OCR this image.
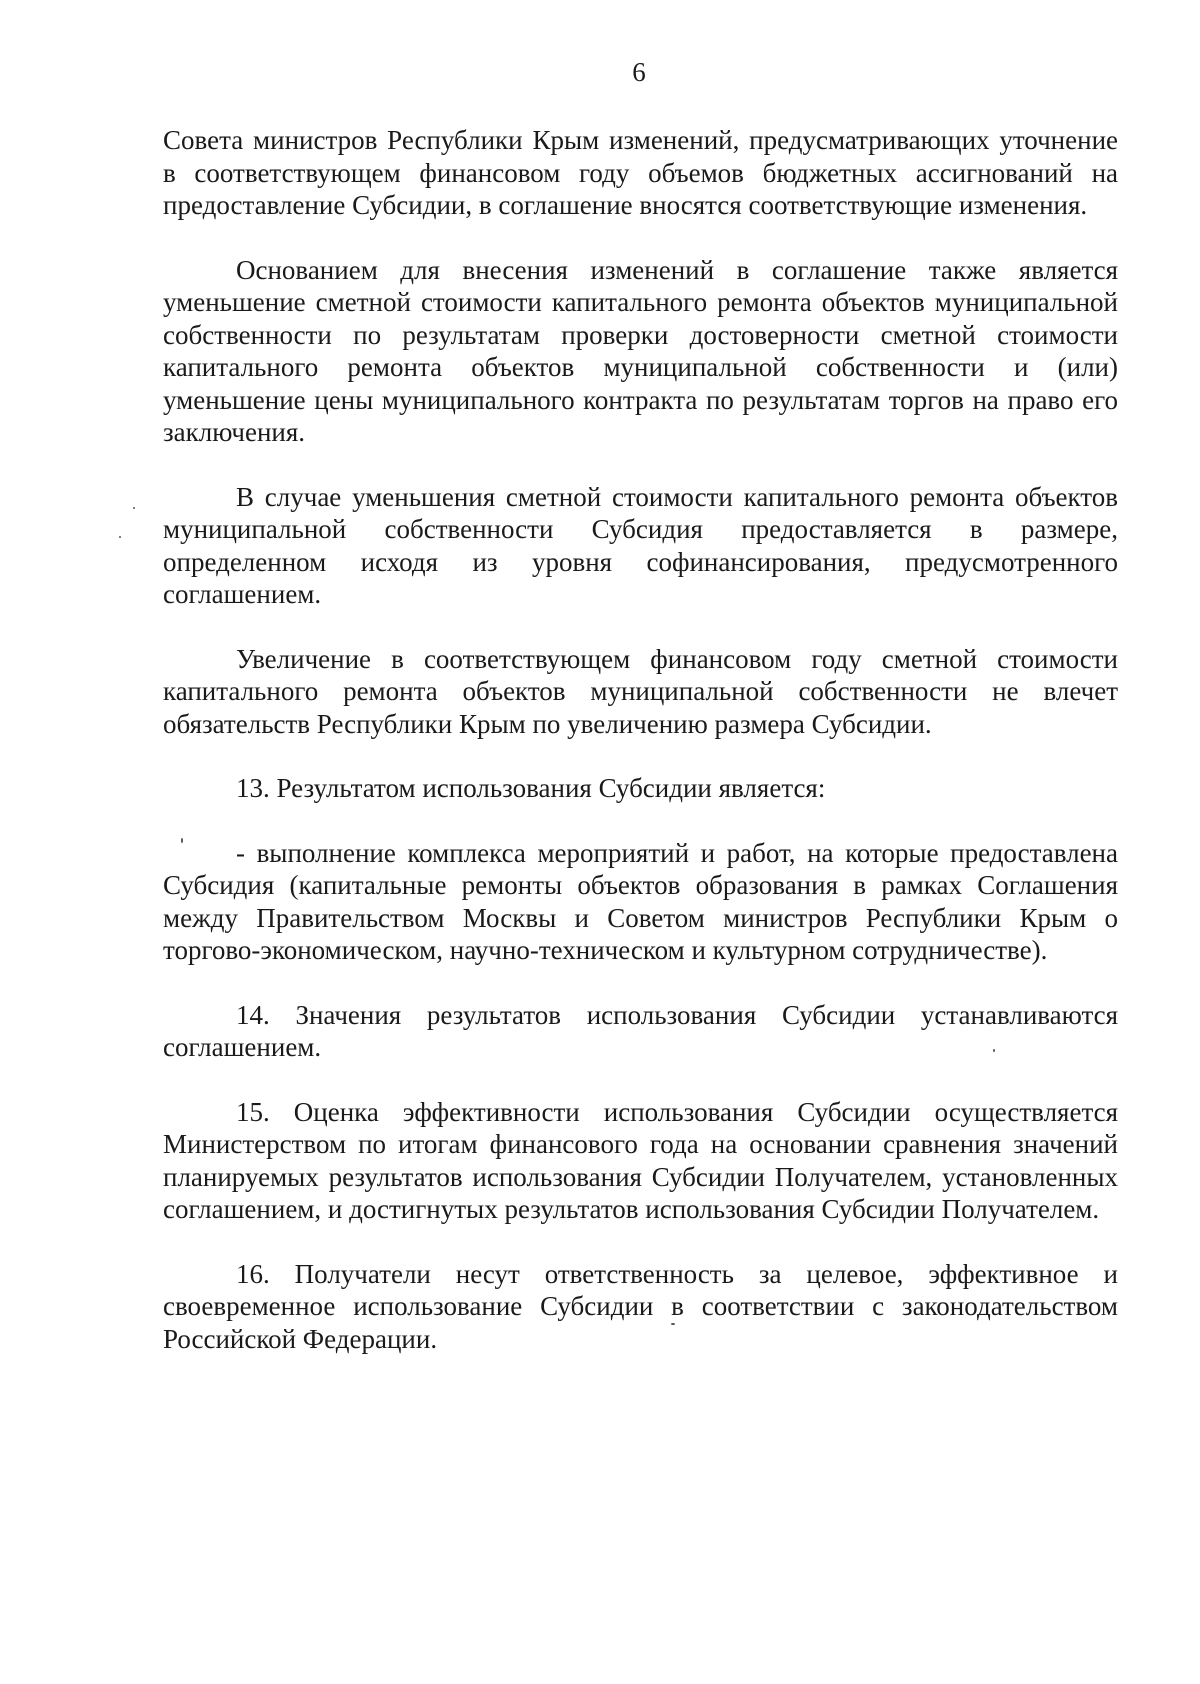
6

Совета министров Республики Крым изменений, предусматривающих уточнение в соответствующем финансовом году объемов бюджетных ассигнований на предоставление Субсидии, в соглашение вносятся соответствующие изменения.

Основанием для внесения изменений в соглашение также является уменьшение сметной стоимости капитального ремонта объектов муниципальной собственности по результатам проверки достоверности сметной стоимости капитального ремонта объектов муниципальной собственности и (или) уменьшение цены муниципального контракта по результатам торгов на право его заключения.

В случае уменьшения сметной стоимости капитального ремонта объектов муниципальной собственности Субсидия предоставляется в размере, определенном исходя из уровня софинансирования, предусмотренного соглашением.

Увеличение в соответствующем финансовом году сметной стоимости капитального ремонта объектов муниципальной собственности не влечет обязательств Республики Крым по увеличению размера Субсидии.

13. Результатом использования Субсидии является:

- выполнение комплекса мероприятий и работ, на которые предоставлена Субсидия (капитальные ремонты объектов образования в рамках Соглашения между Правительством Москвы и Советом министров Республики Крым о торгово-экономическом, научно-техническом и культурном сотрудничестве).

14. Значения результатов использования Субсидии устанавливаются соглашением.

15. Оценка эффективности использования Субсидии осуществляется Министерством по итогам финансового года на основании сравнения значений планируемых результатов использования Субсидии Получателем, установленных соглашением, и достигнутых результатов использования Субсидии Получателем.

16. Получатели несут ответственность за целевое, эффективное и своевременное использование Субсидии в соответствии с законодательством Российской Федерации.
